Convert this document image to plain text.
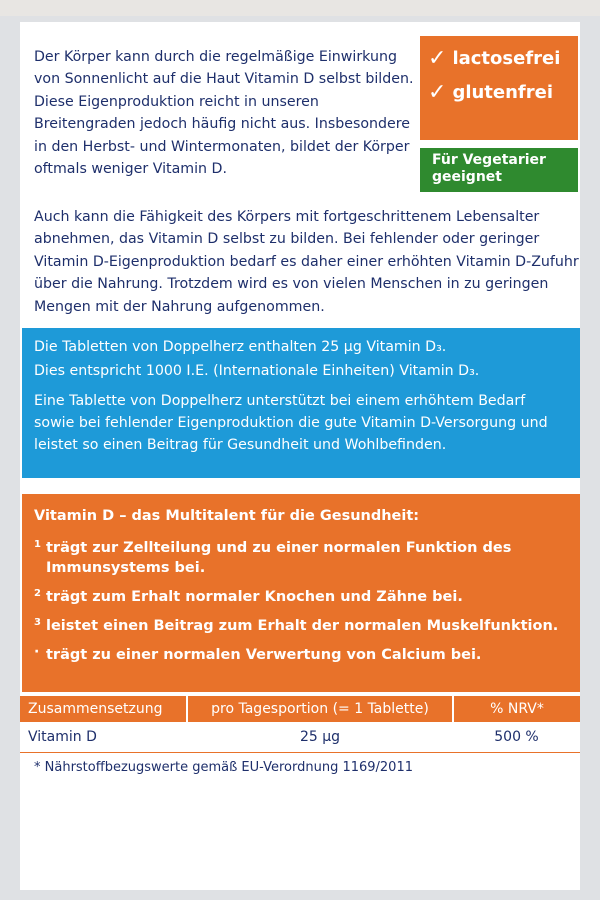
Der Körper kann durch die regelmäßige Einwirkung von Sonnenlicht auf die Haut Vitamin D selbst bilden. Diese Eigenproduktion reicht in unseren Breitengraden jedoch häufig nicht aus. Insbesondere in den Herbst- und Wintermonaten, bildet der Körper oftmals weniger Vitamin D.

Auch kann die Fähigkeit des Körpers mit fortgeschrittenem Lebensalter abnehmen, das Vitamin D selbst zu bilden. Bei fehlender oder geringer Vitamin D-Eigenproduktion bedarf es daher einer erhöhten Vitamin D-Zufuhr über die Nahrung. Trotzdem wird es von vielen Menschen in zu geringen Mengen mit der Nahrung aufgenommen.

✓ lactosefrei
✓ glutenfrei
Für Vegetarier geeignet

Die Tabletten von Doppelherz enthalten 25 µg Vitamin D₃.

Dies entspricht 1000 I.E. (Internationale Einheiten) Vitamin D₃.

Eine Tablette von Doppelherz unterstützt bei einem erhöhtem Bedarf sowie bei fehlender Eigenproduktion die gute Vitamin D-Versorgung und leistet so einen Beitrag für Gesundheit und Wohlbefinden.

Vitamin D – das Multitalent für die Gesundheit:
1 trägt zur Zellteilung und zu einer normalen Funktion des Immunsystems bei.
2 trägt zum Erhalt normaler Knochen und Zähne bei.
3 leistet einen Beitrag zum Erhalt der normalen Muskelfunktion.
· trägt zu einer normalen Verwertung von Calcium bei.
Zusammensetzung	pro Tagesportion (= 1 Tablette)	% NRV*
Vitamin D	25 µg	500 %
* Nährstoffbezugswerte gemäß EU-Verordnung 1169/2011
